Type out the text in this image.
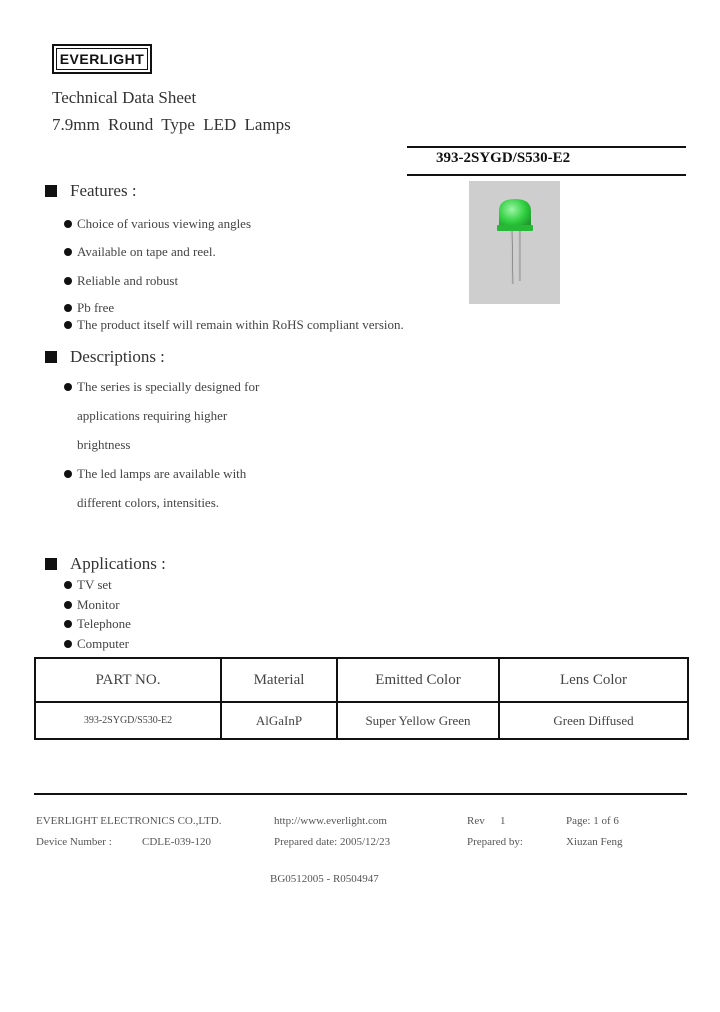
EVERLIGHT
Technical Data Sheet
7.9mm Round Type LED Lamps
393-2SYGD/S530-E2
Features :
Choice of various viewing angles
Available on tape and reel.
Reliable and robust
Pb free
The product itself will remain within RoHS compliant version.
Descriptions :
The series is specially designed for
applications requiring higher
brightness
The led lamps are available with
different colors, intensities.
Applications :
TV set
Monitor
Telephone
Computer
PART NO.	Material	Emitted Color	Lens Color
393-2SYGD/S530-E2	AlGaInP	Super Yellow Green	Green Diffused
EVERLIGHT ELECTRONICS CO.,LTD.	http://www.everlight.com	Rev 1	Page: 1 of 6
Device Number :	CDLE-039-120	Prepared date: 2005/12/23	Prepared by:	Xiuzan Feng
BG0512005 - R0504947
